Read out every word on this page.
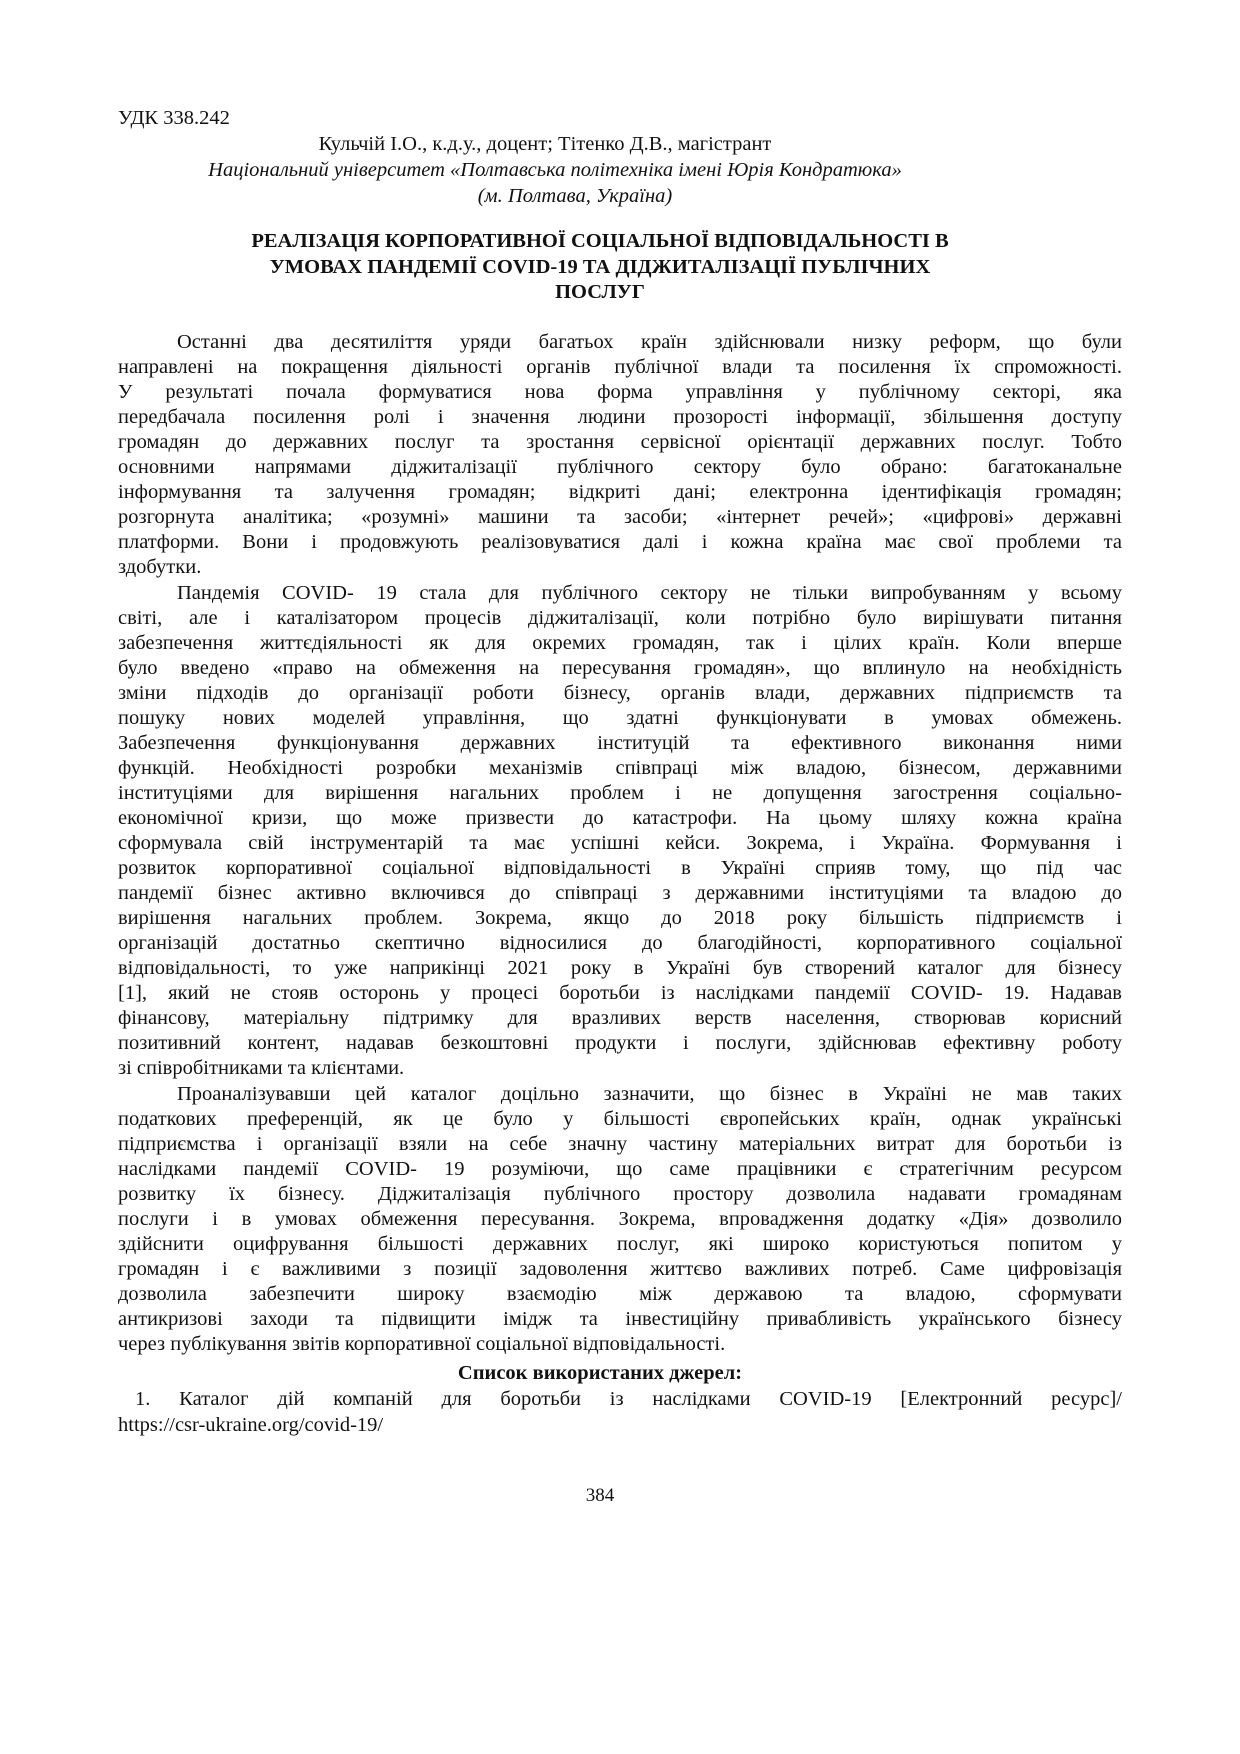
УДК 338.242
Кульчій І.О., к.д.у., доцент; Тітенко Д.В., магістрант
Національний університет «Полтавська політехніка імені Юрія Кондратюка»
(м. Полтава, Україна)
РЕАЛІЗАЦІЯ КОРПОРАТИВНОЇ СОЦІАЛЬНОЇ ВІДПОВІДАЛЬНОСТІ В
УМОВАХ ПАНДЕМІЇ COVID-19 ТА ДІДЖИТАЛІЗАЦІЇ ПУБЛІЧНИХ
ПОСЛУГ
Останні два десятиліття уряди багатьох країн здійснювали низку реформ, що були
направлені на покращення діяльності органів публічної влади та посилення їх спроможності.
У результаті почала формуватися нова форма управління у публічному секторі, яка
передбачала посилення ролі і значення людини прозорості інформації, збільшення доступу
громадян до державних послуг та зростання сервісної орієнтації державних послуг. Тобто
основними напрямами діджиталізації публічного сектору було обрано: багатоканальне
інформування та залучення громадян; відкриті дані; електронна ідентифікація громадян;
розгорнута аналітика; «розумні» машини та засоби; «інтернет речей»; «цифрові» державні
платформи. Вони і продовжують реалізовуватися далі і кожна країна має свої проблеми та
здобутки.
Пандемія COVID- 19 стала для публічного сектору не тільки випробуванням у всьому
світі, але і каталізатором процесів діджиталізації, коли потрібно було вирішувати питання
забезпечення життєдіяльності як для окремих громадян, так і цілих країн. Коли вперше
було введено «право на обмеження на пересування громадян», що вплинуло на необхідність
зміни підходів до організації роботи бізнесу, органів влади, державних підприємств та
пошуку нових моделей управління, що здатні функціонувати в умовах обмежень.
Забезпечення функціонування державних інституцій та ефективного виконання ними
функцій. Необхідності розробки механізмів співпраці між владою, бізнесом, державними
інституціями для вирішення нагальних проблем і не допущення загострення соціально-
економічної кризи, що може призвести до катастрофи. На цьому шляху кожна країна
сформувала свій інструментарій та має успішні кейси. Зокрема, і Україна. Формування і
розвиток корпоративної соціальної відповідальності в Україні сприяв тому, що під час
пандемії бізнес активно включився до співпраці з державними інституціями та владою до
вирішення нагальних проблем. Зокрема, якщо до 2018 року більшість підприємств і
організацій достатньо скептично відносилися до благодійності, корпоративного соціальної
відповідальності, то уже наприкінці 2021 року в Україні був створений каталог для бізнесу
[1], який не стояв осторонь у процесі боротьби із наслідками пандемії COVID- 19. Надавав
фінансову, матеріальну підтримку для вразливих верств населення, створював корисний
позитивний контент, надавав безкоштовні продукти і послуги, здійснював ефективну роботу
зі співробітниками та клієнтами.
Проаналізувавши цей каталог доцільно зазначити, що бізнес в Україні не мав таких
податкових преференцій, як це було у більшості європейських країн, однак українські
підприємства і організації взяли на себе значну частину матеріальних витрат для боротьби із
наслідками пандемії COVID- 19 розуміючи, що саме працівники є стратегічним ресурсом
розвитку їх бізнесу. Діджиталізація публічного простору дозволила надавати громадянам
послуги і в умовах обмеження пересування. Зокрема, впровадження додатку «Дія» дозволило
здійснити оцифрування більшості державних послуг, які широко користуються попитом у
громадян і є важливими з позиції задоволення життєво важливих потреб. Саме цифровізація
дозволила забезпечити широку взаємодію між державою та владою, сформувати
антикризові заходи та підвищити імідж та інвестиційну привабливість українського бізнесу
через публікування звітів корпоративної соціальної відповідальності.
Список використаних джерел:
1. Каталог дій компаній для боротьби із наслідками COVID-19 [Електронний ресурс]/
https://csr-ukraine.org/covid-19/
384
